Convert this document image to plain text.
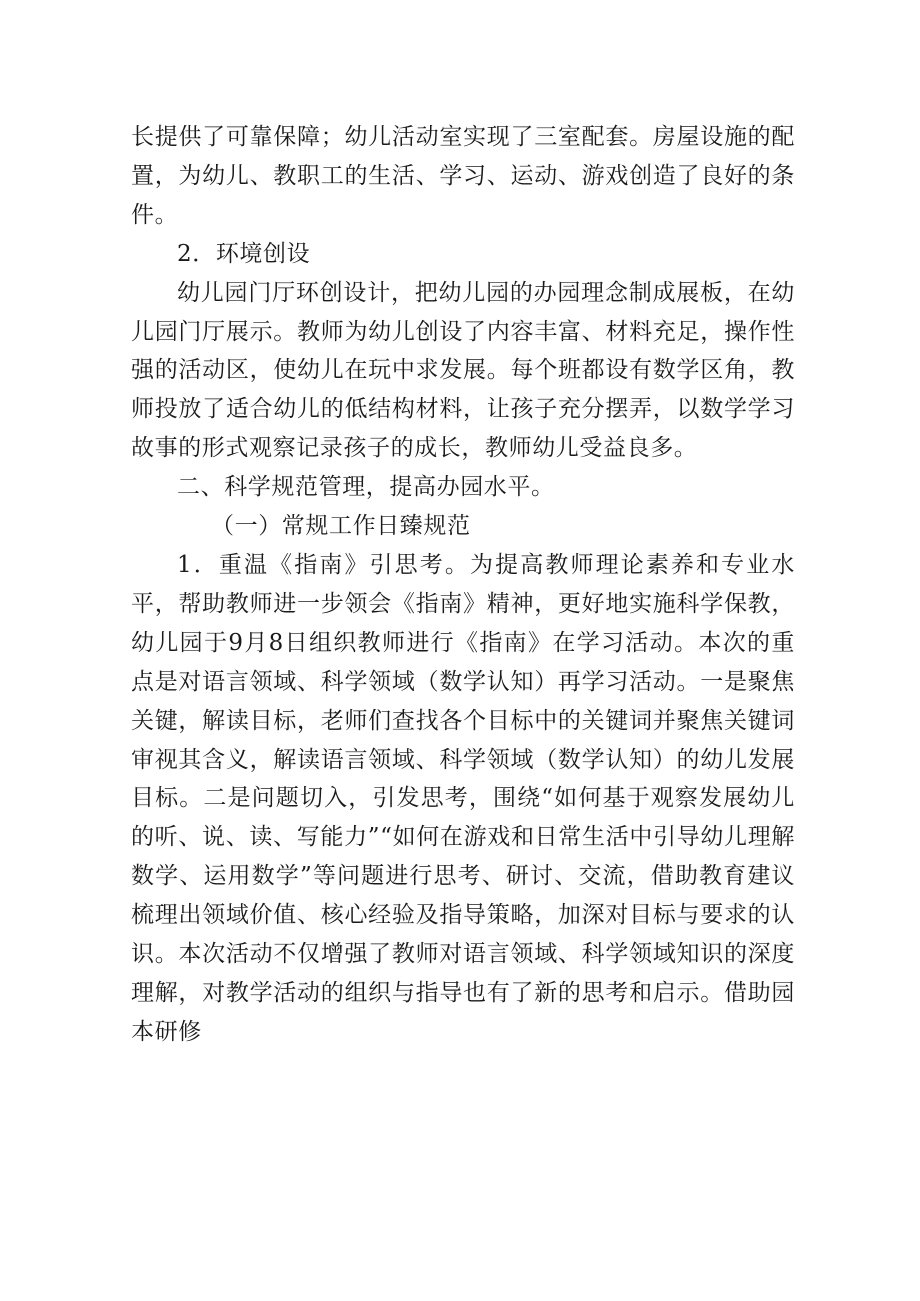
长提供了可靠保障；幼儿活动室实现了三室配套。房屋设施的配置，为幼儿、教职工的生活、学习、运动、游戏创造了良好的条件。

2．环境创设

幼儿园门厅环创设计，把幼儿园的办园理念制成展板，在幼儿园门厅展示。教师为幼儿创设了内容丰富、材料充足，操作性强的活动区，使幼儿在玩中求发展。每个班都设有数学区角，教师投放了适合幼儿的低结构材料，让孩子充分摆弄，以数学学习故事的形式观察记录孩子的成长，教师幼儿受益良多。

二、科学规范管理，提高办园水平。

（一）常规工作日臻规范

1．重温《指南》引思考。为提高教师理论素养和专业水平，帮助教师进一步领会《指南》精神，更好地实施科学保教，幼儿园于9月8日组织教师进行《指南》在学习活动。本次的重点是对语言领域、科学领域（数学认知）再学习活动。一是聚焦关键，解读目标，老师们查找各个目标中的关键词并聚焦关键词审视其含义，解读语言领域、科学领域（数学认知）的幼儿发展目标。二是问题切入，引发思考，围绕“如何基于观察发展幼儿的听、说、读、写能力”“如何在游戏和日常生活中引导幼儿理解数学、运用数学”等问题进行思考、研讨、交流，借助教育建议梳理出领域价值、核心经验及指导策略，加深对目标与要求的认识。本次活动不仅增强了教师对语言领域、科学领域知识的深度理解，对教学活动的组织与指导也有了新的思考和启示。借助园本研修
